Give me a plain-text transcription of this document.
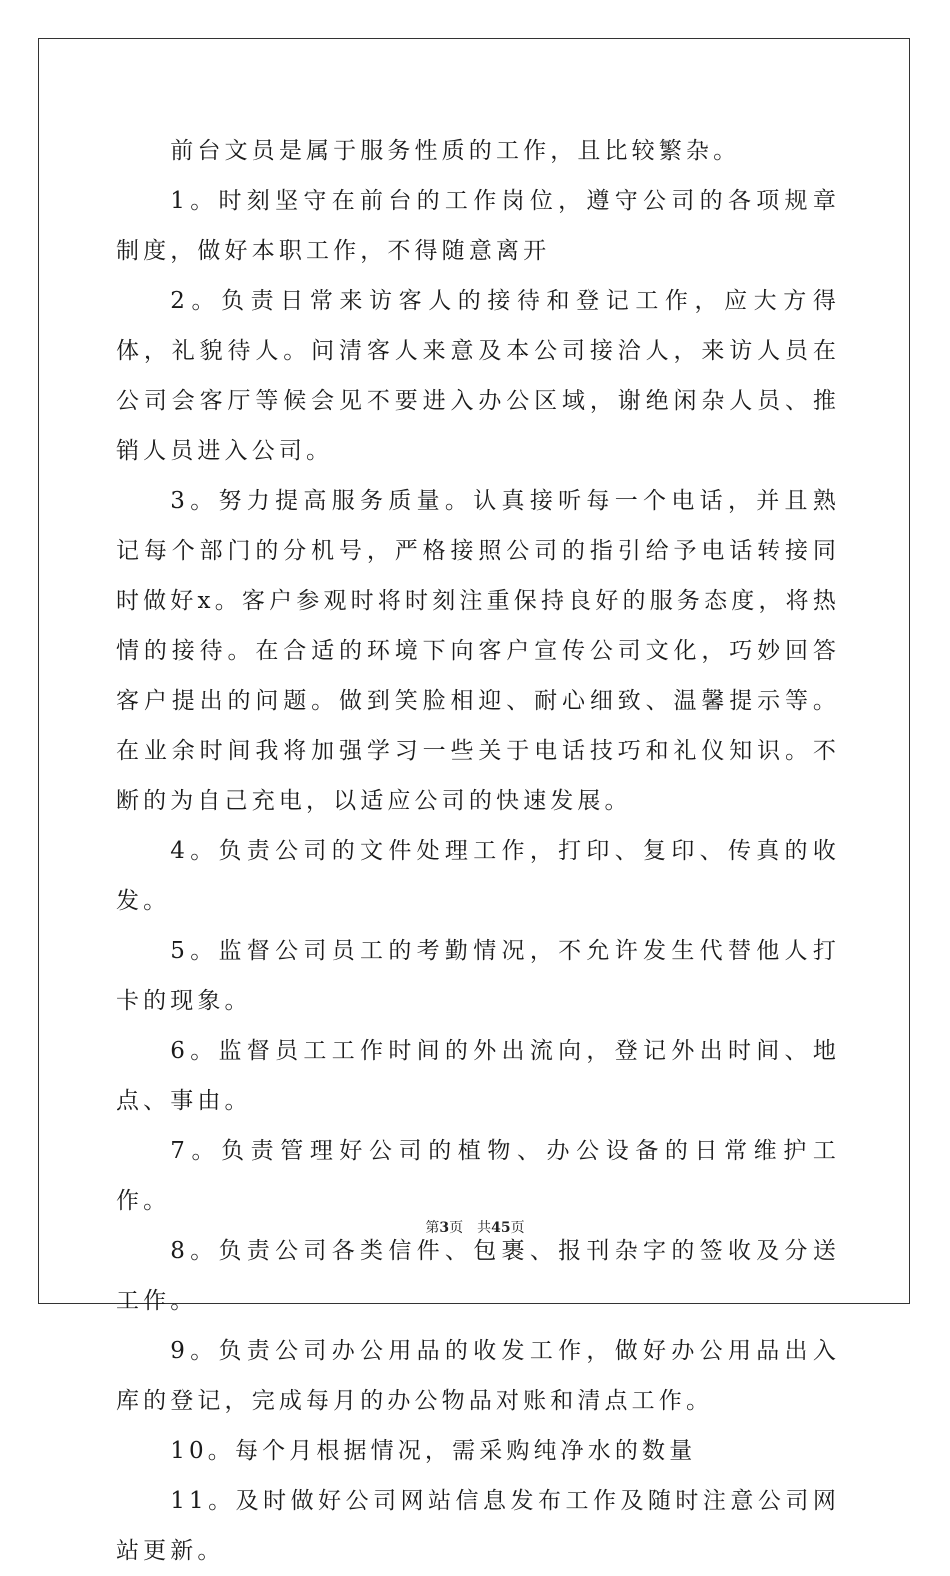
前台文员是属于服务性质的工作，且比较繁杂。

1。时刻坚守在前台的工作岗位，遵守公司的各项规章制度，做好本职工作，不得随意离开

2。负责日常来访客人的接待和登记工作，应大方得体，礼貌待人。问清客人来意及本公司接洽人，来访人员在公司会客厅等候会见不要进入办公区域，谢绝闲杂人员、推销人员进入公司。

3。努力提高服务质量。认真接听每一个电话，并且熟记每个部门的分机号，严格接照公司的指引给予电话转接同时做好x。客户参观时将时刻注重保持良好的服务态度，将热情的接待。在合适的环境下向客户宣传公司文化，巧妙回答客户提出的问题。做到笑脸相迎、耐心细致、温馨提示等。在业余时间我将加强学习一些关于电话技巧和礼仪知识。不断的为自己充电，以适应公司的快速发展。

4。负责公司的文件处理工作，打印、复印、传真的收发。

5。监督公司员工的考勤情况，不允许发生代替他人打卡的现象。

6。监督员工工作时间的外出流向，登记外出时间、地点、事由。

7。负责管理好公司的植物、办公设备的日常维护工作。

8。负责公司各类信件、包裹、报刊杂字的签收及分送工作。

9。负责公司办公用品的收发工作，做好办公用品出入库的登记，完成每月的办公物品对账和清点工作。

10。每个月根据情况，需采购纯净水的数量

11。及时做好公司网站信息发布工作及随时注意公司网站更新。

第3页 共45页
